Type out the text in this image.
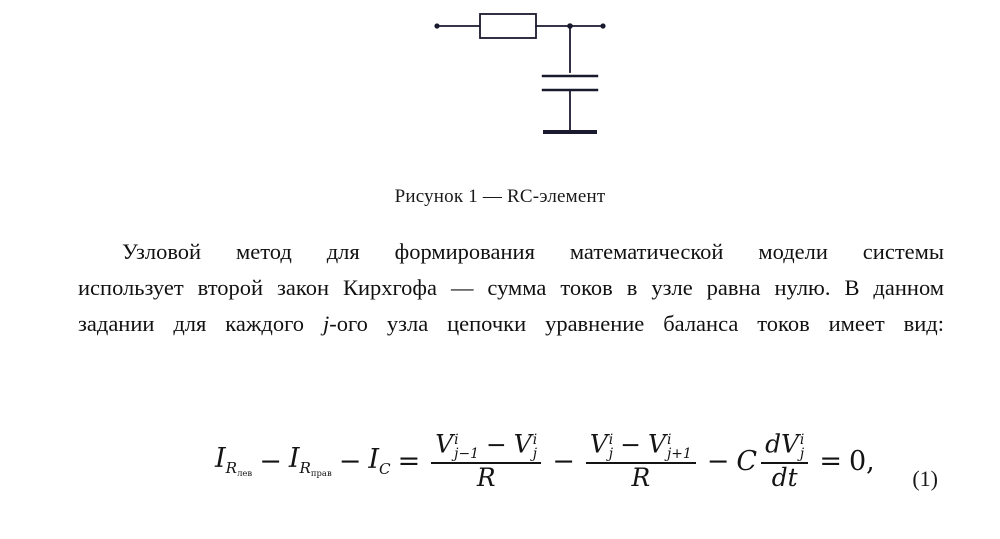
Рисунок 1 — RC-элемент
Узловой метод для формирования математической модели системы
использует второй закон Кирхгофа — сумма токов в узле равна нулю. В данном
задании для каждого j-ого узла цепочки уравнение баланса токов имеет вид:
IRлев − IRправ − IC = V i
j−1 − V i
j
R − V i
j − V i
j+1
R − C dV i
j
dt = 0,
(1)
